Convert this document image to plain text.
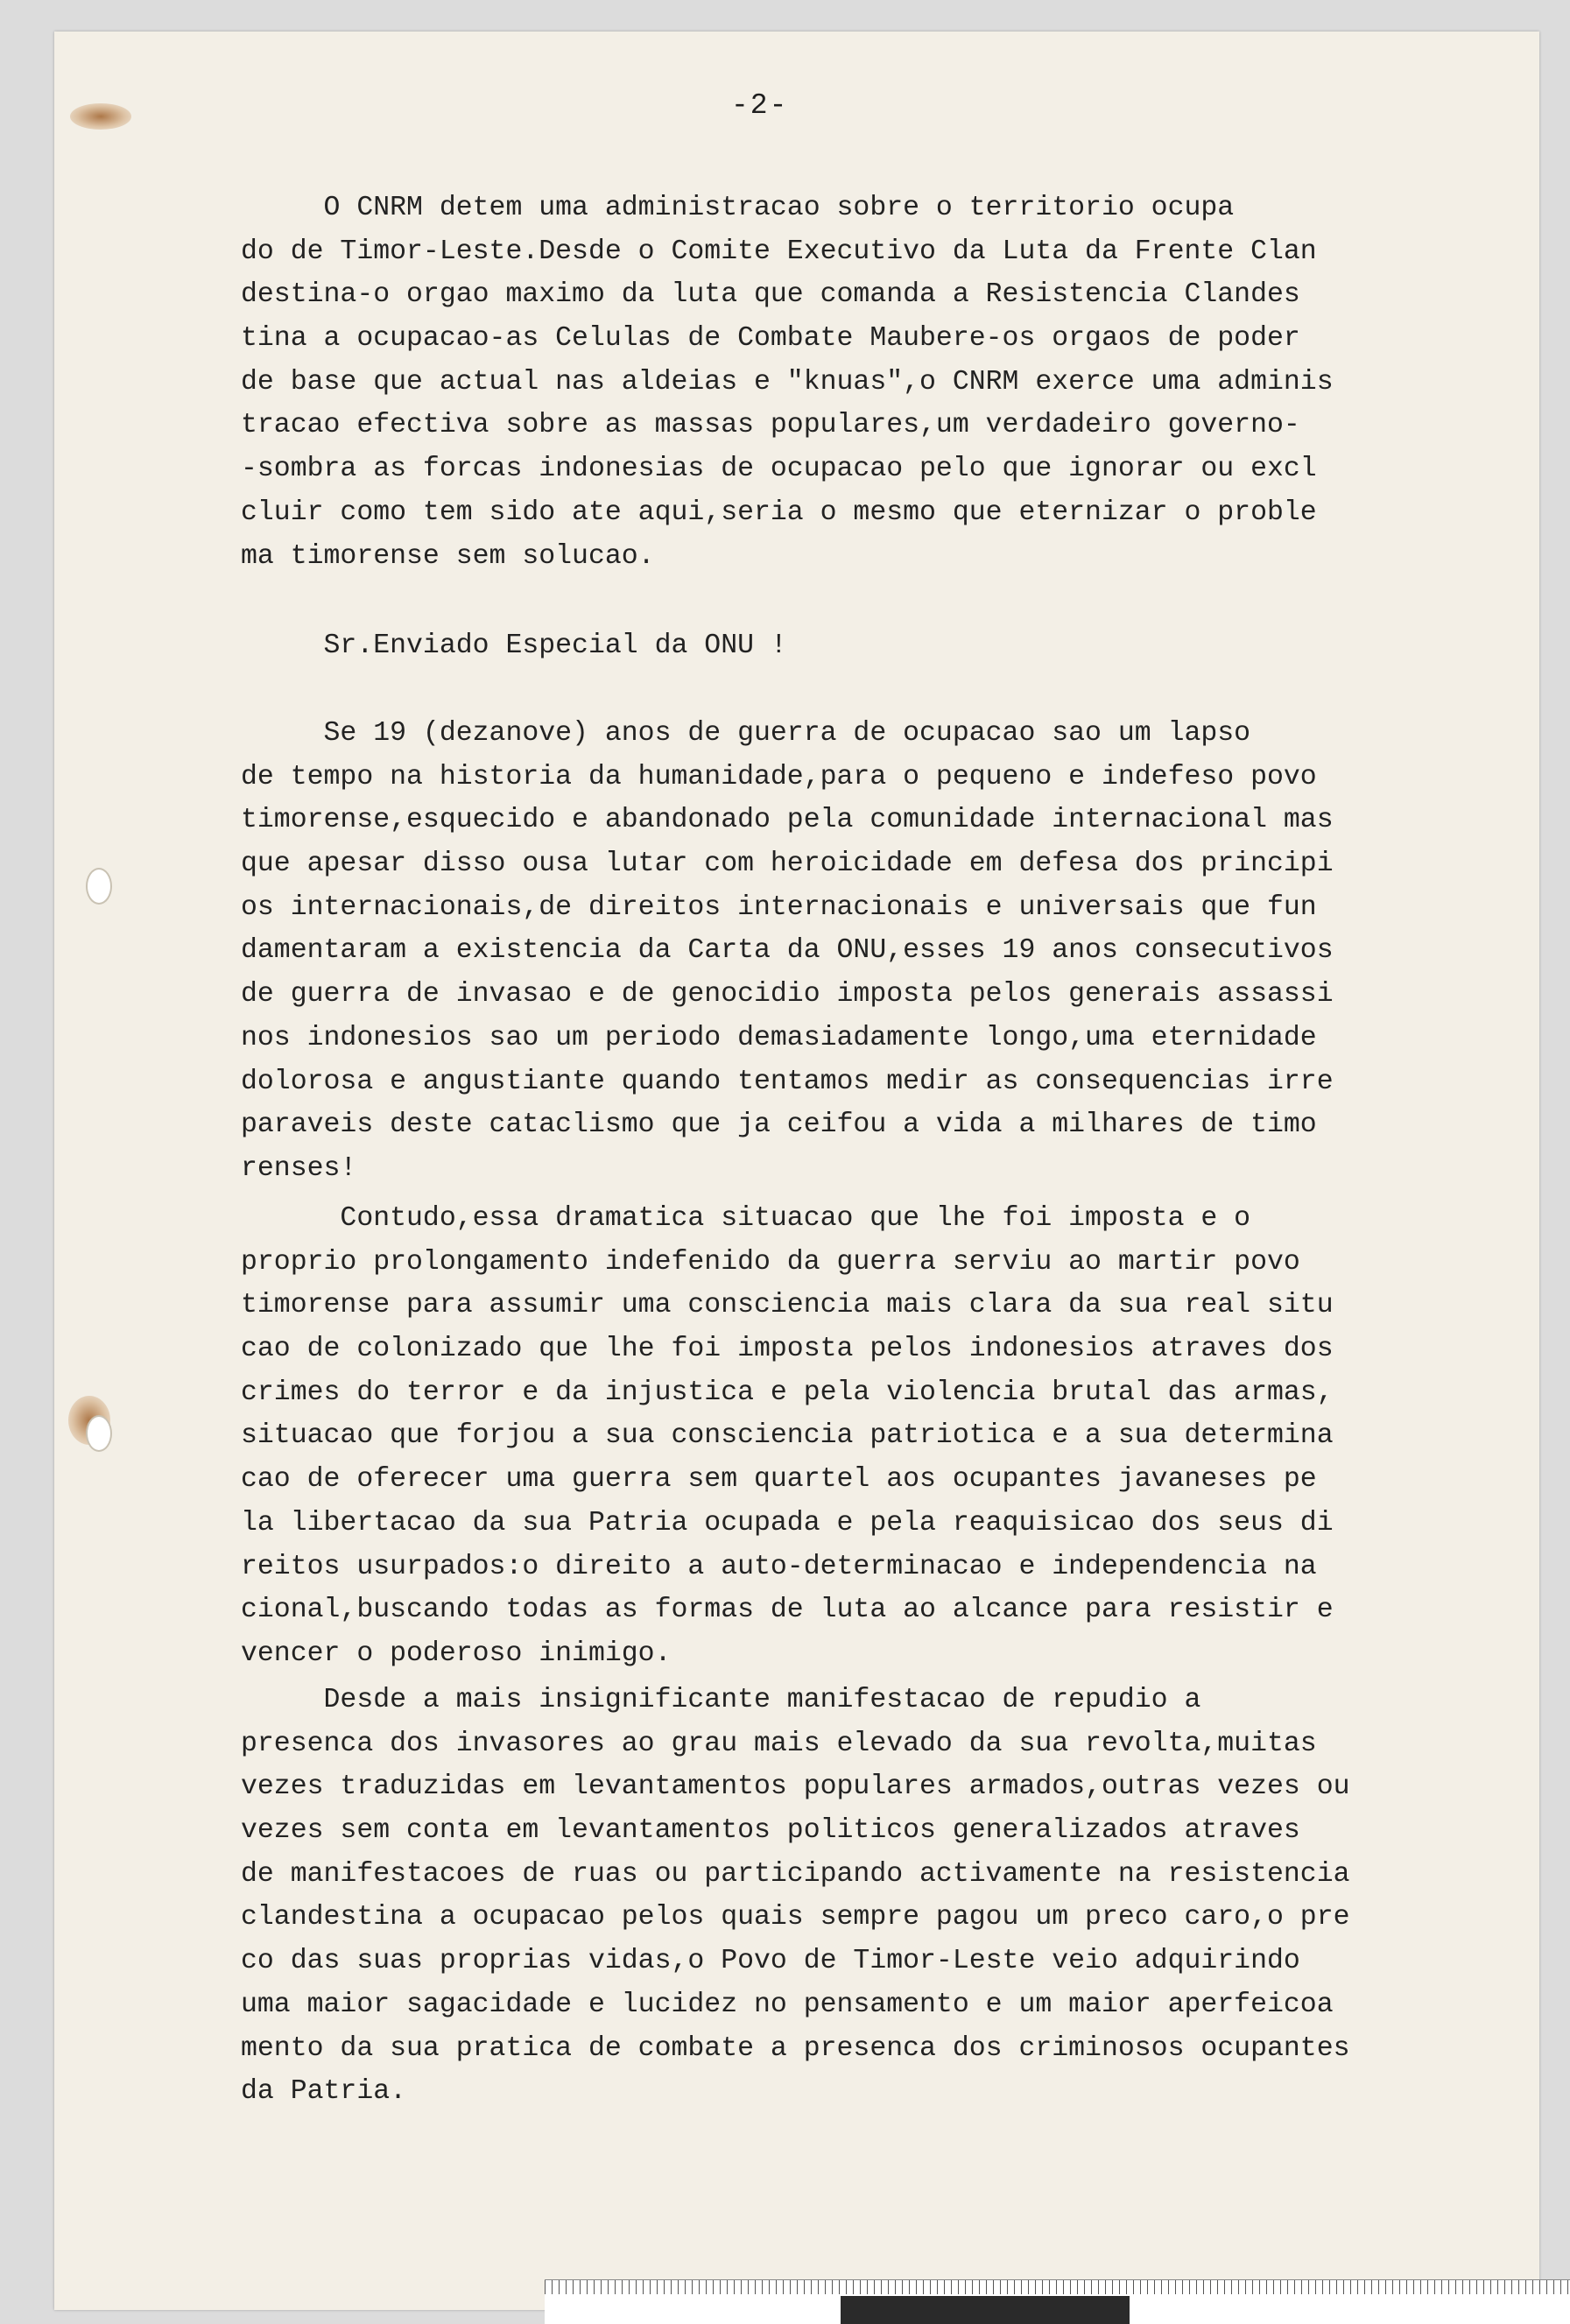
-2-
O CNRM detem uma administracao sobre o territorio ocupa
do de Timor-Leste.Desde o Comite Executivo da Luta da Frente Clan
destina-o orgao maximo da luta que comanda a Resistencia Clandes
tina a ocupacao-as Celulas de Combate Maubere-os orgaos de poder
de base que actual nas aldeias e "knuas",o CNRM exerce uma adminis
tracao efectiva sobre as massas populares,um verdadeiro governo-
-sombra as forcas indonesias de ocupacao pelo que ignorar ou excl
cluir como tem sido ate aqui,seria o mesmo que eternizar o proble
ma timorense sem solucao.
Sr.Enviado Especial da ONU !
Se 19 (dezanove) anos de guerra de ocupacao sao um lapso
de tempo na historia da humanidade,para o pequeno e indefeso povo
timorense,esquecido e abandonado pela comunidade internacional mas
que apesar disso ousa lutar com heroicidade em defesa dos principi
os internacionais,de direitos internacionais e universais que fun
damentaram a existencia da Carta da ONU,esses 19 anos consecutivos
de guerra de invasao e de genocidio imposta pelos generais assassi
nos indonesios sao um periodo demasiadamente longo,uma eternidade
dolorosa e angustiante quando tentamos medir as consequencias irre
paraveis deste cataclismo que ja ceifou a vida a milhares de timo
renses!
Contudo,essa dramatica situacao que lhe foi imposta e o
proprio prolongamento indefenido da guerra serviu ao martir povo
timorense para assumir uma consciencia mais clara da sua real situ
cao de colonizado que lhe foi imposta pelos indonesios atraves dos
crimes do terror e da injustica e pela violencia brutal das armas,
situacao que forjou a sua consciencia patriotica e a sua determina
cao de oferecer uma guerra sem quartel aos ocupantes javaneses pe
la libertacao da sua Patria ocupada e pela reaquisicao dos seus di
reitos usurpados:o direito a auto-determinacao e independencia na
cional,buscando todas as formas de luta ao alcance para resistir e
vencer o poderoso inimigo.
Desde a mais insignificante manifestacao de repudio a
presenca dos invasores ao grau mais elevado da sua revolta,muitas
vezes traduzidas em levantamentos populares armados,outras vezes ou
vezes sem conta em levantamentos politicos generalizados atraves
de manifestacoes de ruas ou participando activamente na resistencia
clandestina a ocupacao pelos quais sempre pagou um preco caro,o pre
co das suas proprias vidas,o Povo de Timor-Leste veio adquirindo
uma maior sagacidade e lucidez no pensamento e um maior aperfeicoa
mento da sua pratica de combate a presenca dos criminosos ocupantes
da Patria.
